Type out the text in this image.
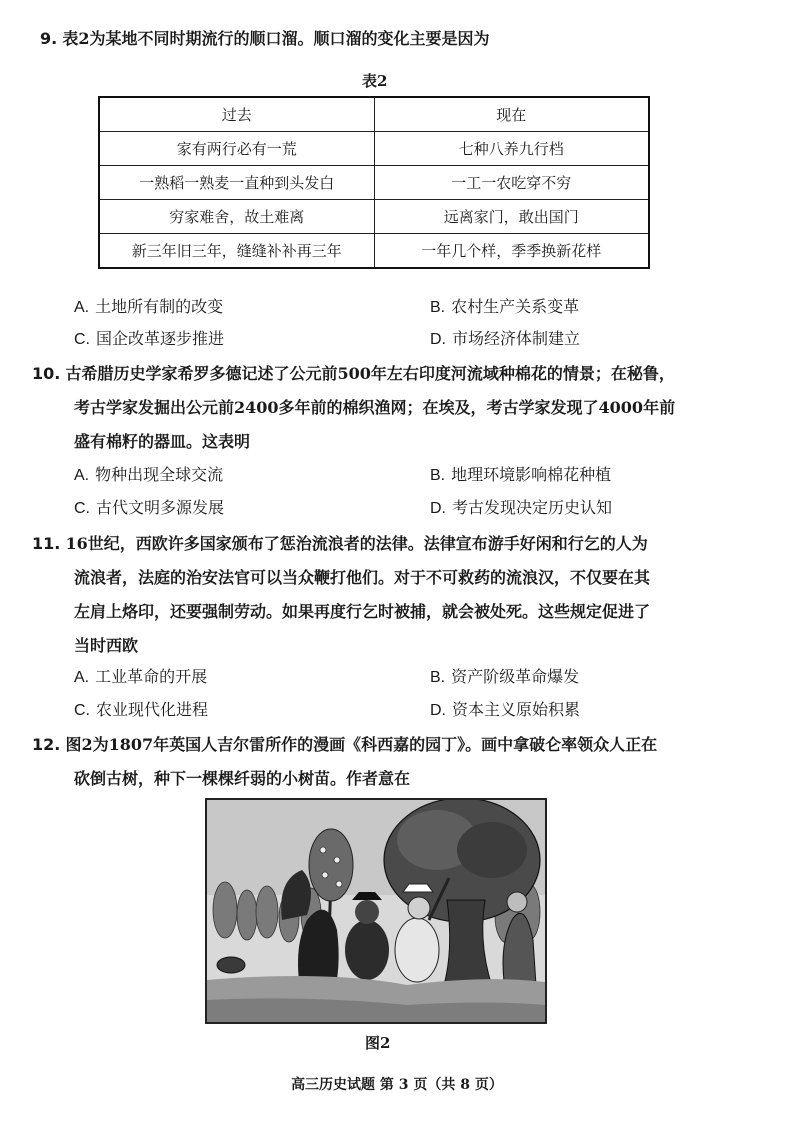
9. 表2为某地不同时期流行的顺口溜。顺口溜的变化主要是因为
表2
过去	现在
家有两行必有一荒	七种八养九行档
一熟稻一熟麦一直种到头发白	一工一农吃穿不穷
穷家难舍，故土难离	远离家门，敢出国门
新三年旧三年，缝缝补补再三年	一年几个样，季季换新花样
A. 土地所有制的改变	B. 农村生产关系变革
C. 国企改革逐步推进	D. 市场经济体制建立
10. 古希腊历史学家希罗多德记述了公元前500年左右印度河流域种棉花的情景；在秘鲁，
考古学家发掘出公元前2400多年前的棉织渔网；在埃及，考古学家发现了4000年前
盛有棉籽的器皿。这表明
A. 物种出现全球交流	B. 地理环境影响棉花种植
C. 古代文明多源发展	D. 考古发现决定历史认知
11. 16世纪，西欧许多国家颁布了惩治流浪者的法律。法律宣布游手好闲和行乞的人为
流浪者，法庭的治安法官可以当众鞭打他们。对于不可救药的流浪汉，不仅要在其
左肩上烙印，还要强制劳动。如果再度行乞时被捕，就会被处死。这些规定促进了
当时西欧
A. 工业革命的开展	B. 资产阶级革命爆发
C. 农业现代化进程	D. 资本主义原始积累
12. 图2为1807年英国人吉尔雷所作的漫画《科西嘉的园丁》。画中拿破仑率领众人正在
砍倒古树，种下一棵棵纤弱的小树苗。作者意在
图2
高三历史试题 第 3 页（共 8 页）
